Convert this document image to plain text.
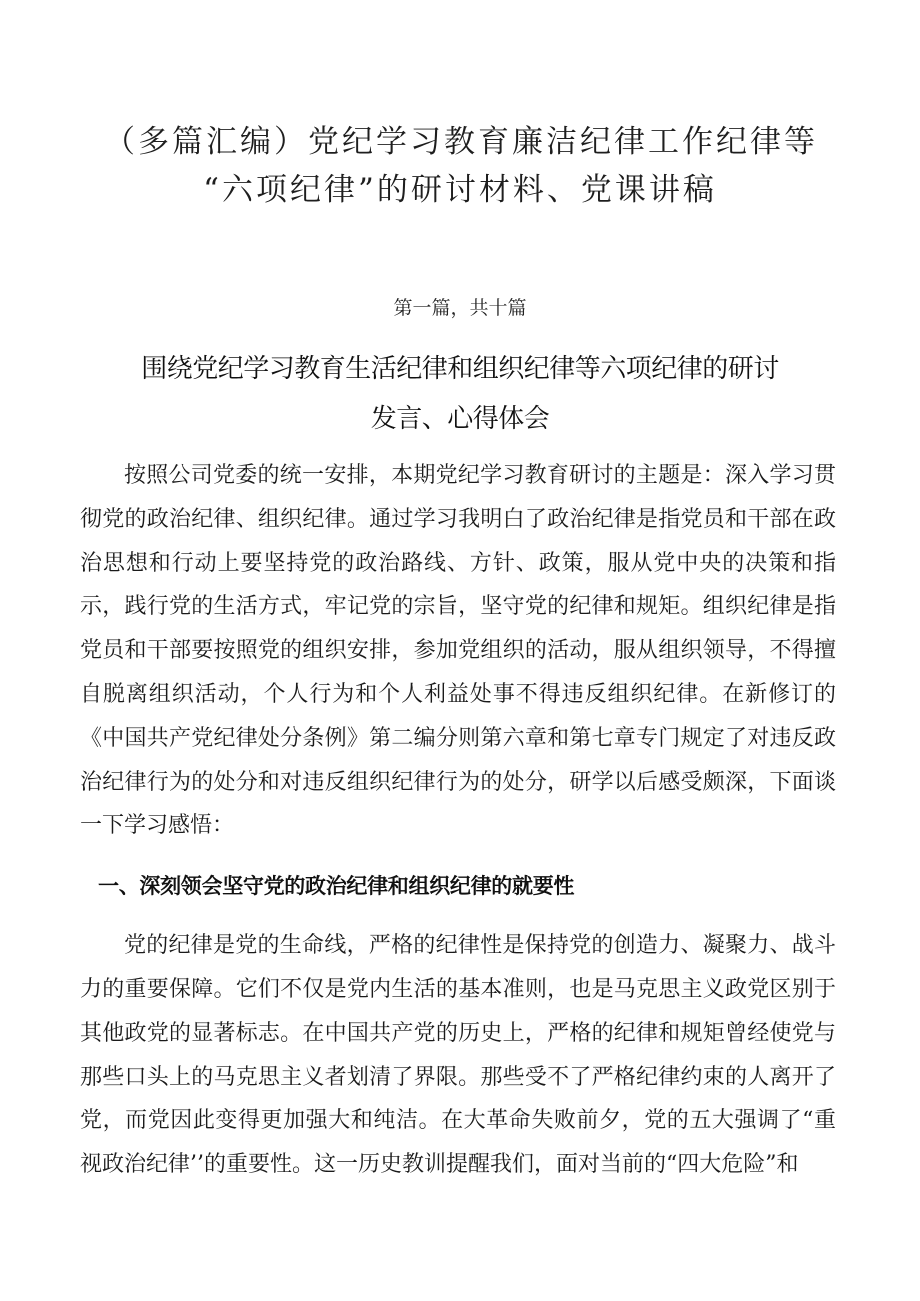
（多篇汇编）党纪学习教育廉洁纪律工作纪律等
“六项纪律”的研讨材料、党课讲稿
第一篇，共十篇
围绕党纪学习教育生活纪律和组织纪律等六项纪律的研讨
发言、心得体会

按照公司党委的统一安排，本期党纪学习教育研讨的主题是：深入学习贯彻党的政治纪律、组织纪律。通过学习我明白了政治纪律是指党员和干部在政治思想和行动上要坚持党的政治路线、方针、政策，服从党中央的决策和指示，践行党的生活方式，牢记党的宗旨，坚守党的纪律和规矩。组织纪律是指党员和干部要按照党的组织安排，参加党组织的活动，服从组织领导，不得擅自脱离组织活动，个人行为和个人利益处事不得违反组织纪律。在新修订的《中国共产党纪律处分条例》第二编分则第六章和第七章专门规定了对违反政治纪律行为的处分和对违反组织纪律行为的处分，研学以后感受颇深，下面谈一下学习感悟：

一、深刻领会坚守党的政治纪律和组织纪律的就要性

党的纪律是党的生命线，严格的纪律性是保持党的创造力、凝聚力、战斗力的重要保障。它们不仅是党内生活的基本准则，也是马克思主义政党区别于其他政党的显著标志。在中国共产党的历史上，严格的纪律和规矩曾经使党与那些口头上的马克思主义者划清了界限。那些受不了严格纪律约束的人离开了党，而党因此变得更加强大和纯洁。在大革命失败前夕，党的五大强调了“重视政治纪律’’的重要性。这一历史教训提醒我们，面对当前的“四大危险”和
